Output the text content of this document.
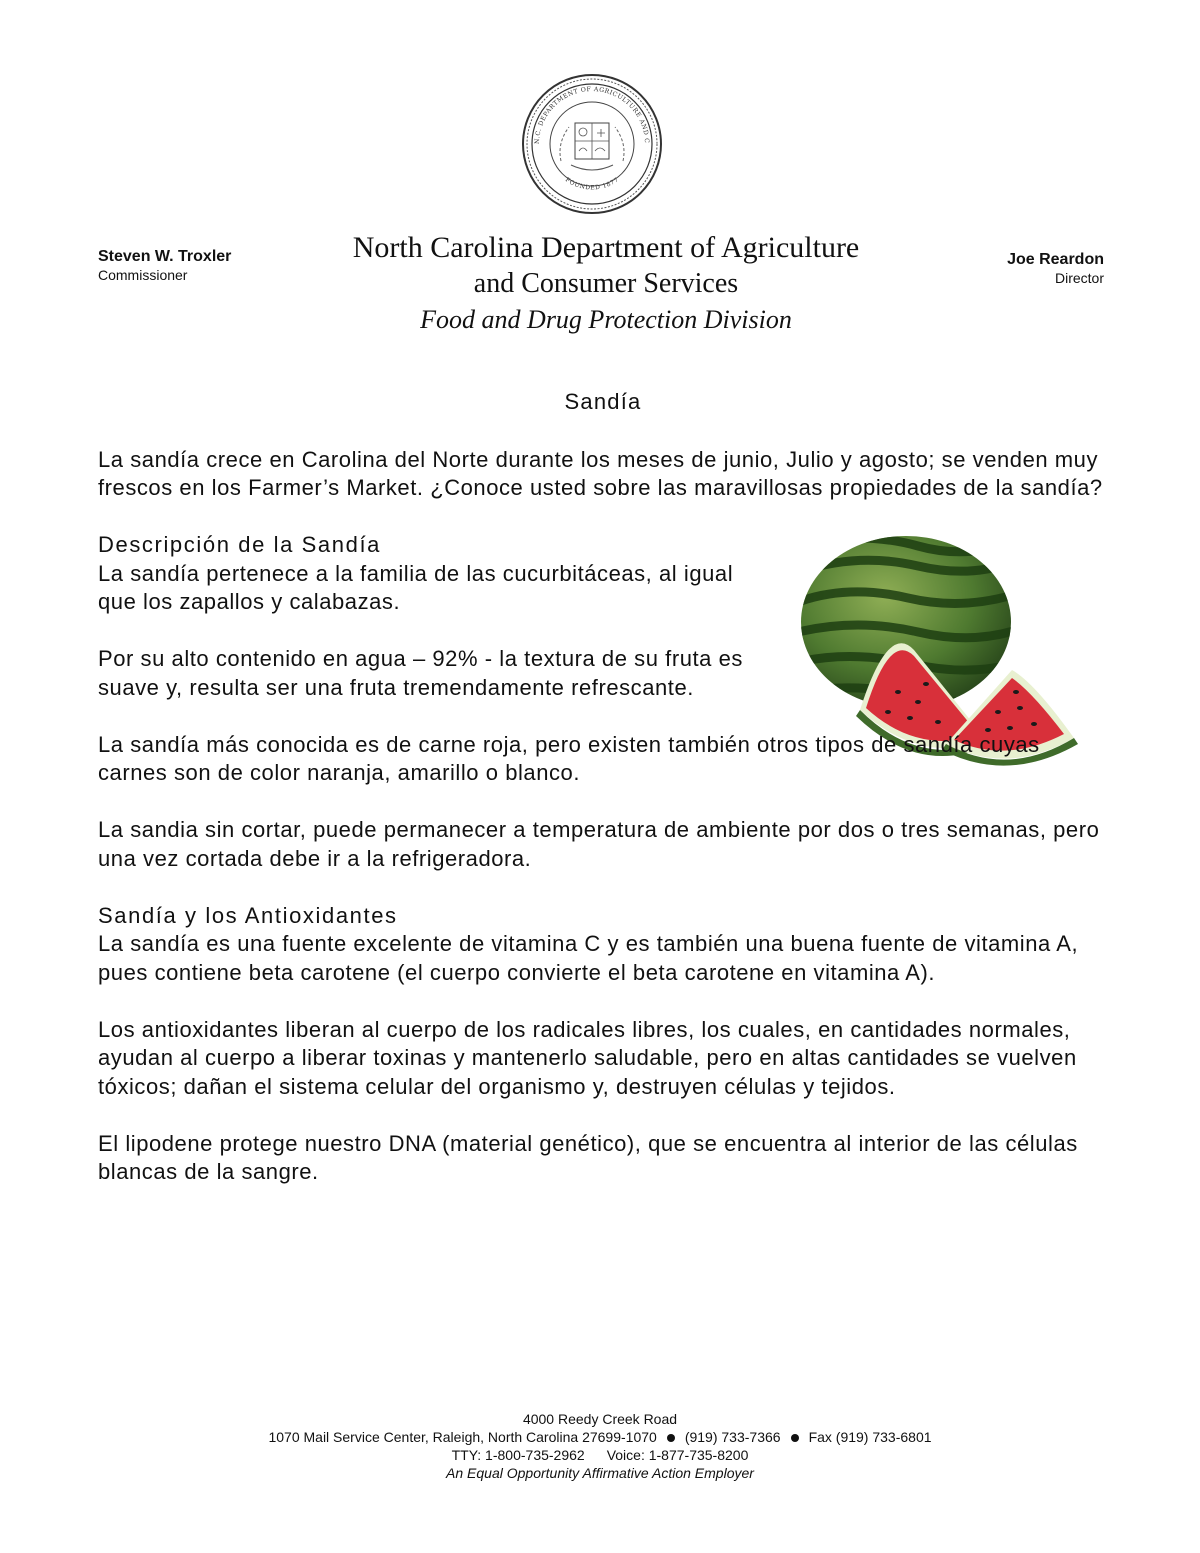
N.C. DEPARTMENT OF AGRICULTURE AND C
FOUNDED 1877
Steven W. Troxler
Commissioner
Joe Reardon
Director
North Carolina Department of Agriculture
and Consumer Services
Food and Drug Protection Division
Sandía

La sandía crece en Carolina del Norte durante los meses de junio, Julio y agosto; se venden muy frescos en los Farmer’s Market. ¿Conoce usted sobre las maravillosas propiedades de la sandía?

Descripción de la Sandía

La sandía pertenece a la familia de las cucurbitáceas, al igual que los zapallos y calabazas.

Por su alto contenido en agua – 92% - la textura de su fruta es suave y, resulta ser una fruta tremendamente refrescante.

La sandía más conocida es de carne roja, pero existen también otros tipos de sandía cuyas carnes son de color naranja, amarillo o blanco.

La sandia sin cortar, puede permanecer a temperatura de ambiente por dos o tres semanas, pero una vez cortada debe ir a la refrigeradora.

Sandía y los Antioxidantes

La sandía es una fuente excelente de vitamina C y es también una buena fuente de vitamina A, pues contiene beta carotene (el cuerpo convierte el beta carotene en vitamina A).

Los antioxidantes liberan al cuerpo de los radicales libres, los cuales, en cantidades normales, ayudan al cuerpo a liberar toxinas y mantenerlo saludable, pero en altas cantidades se vuelven tóxicos; dañan el sistema celular del organismo y, destruyen células y tejidos.

El lipodene protege nuestro DNA (material genético), que se encuentra al interior de las células blancas de la sangre.

4000 Reedy Creek Road
1070 Mail Service Center, Raleigh, North Carolina 27699-1070 (919) 733-7366 Fax (919) 733-6801
TTY: 1-800-735-2962 Voice: 1-877-735-8200
An Equal Opportunity Affirmative Action Employer
